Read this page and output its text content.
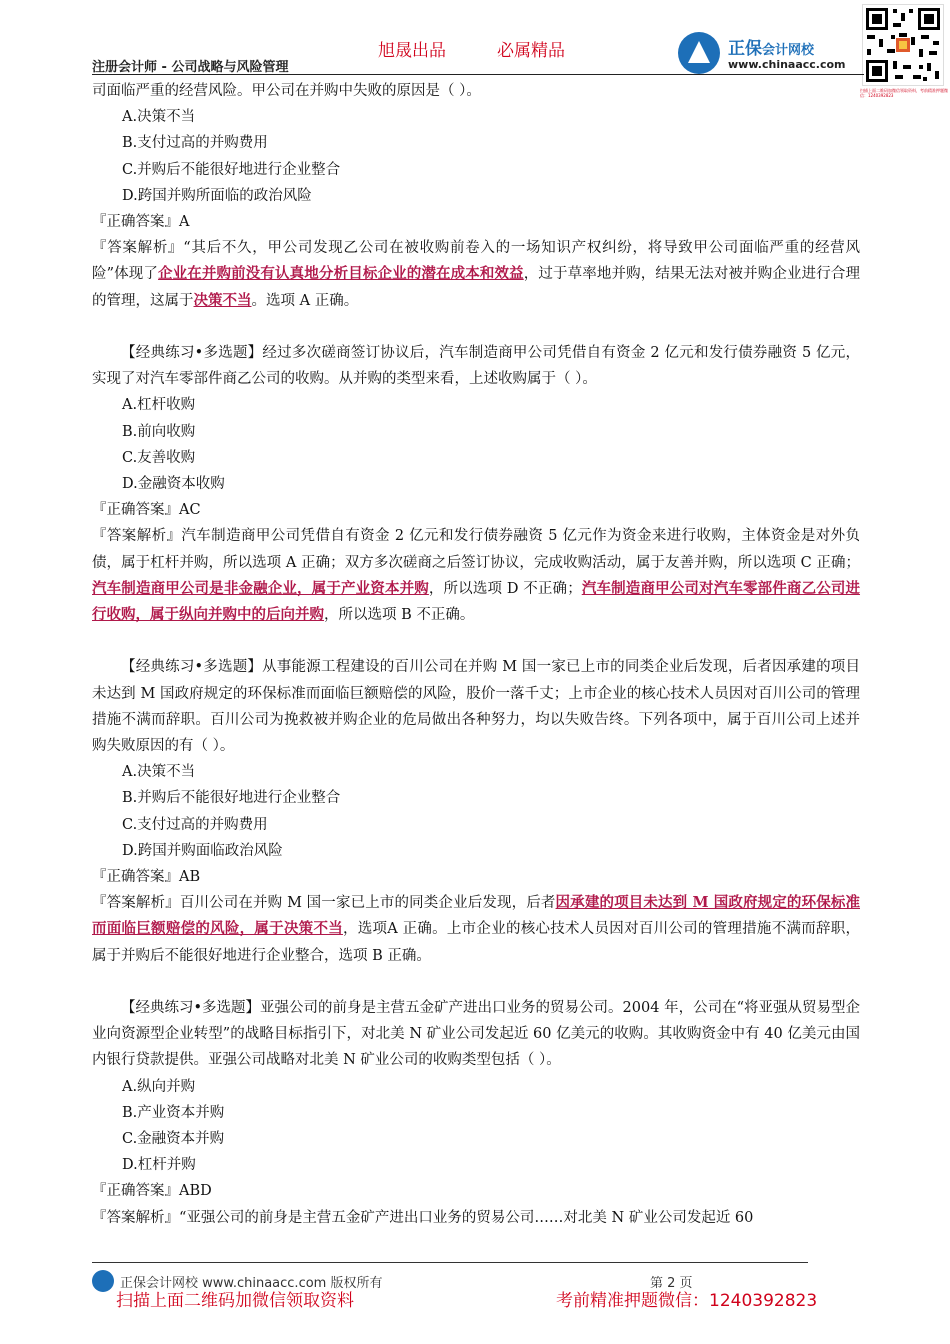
注册会计师 - 公司战略与风险管理
旭晟出品	必属精品	正保会计网校
www.chinaacc.com
扫描上面二维码加微信领取资料，考前精准押题微信：1240392823

司面临严重的经营风险。甲公司在并购中失败的原因是（ ）。

A.决策不当

B.支付过高的并购费用

C.并购后不能很好地进行企业整合

D.跨国并购所面临的政治风险

『正确答案』A

『答案解析』“其后不久，甲公司发现乙公司在被收购前卷入的一场知识产权纠纷，将导致甲公司面临严重的经营风险”体现了企业在并购前没有认真地分析目标企业的潜在成本和效益，过于草率地并购，结果无法对被并购企业进行合理的管理，这属于决策不当。选项 A 正确。

【经典练习•多选题】经过多次磋商签订协议后，汽车制造商甲公司凭借自有资金 2 亿元和发行债券融资 5 亿元，实现了对汽车零部件商乙公司的收购。从并购的类型来看，上述收购属于（ ）。

A.杠杆收购

B.前向收购

C.友善收购

D.金融资本收购

『正确答案』AC

『答案解析』汽车制造商甲公司凭借自有资金 2 亿元和发行债券融资 5 亿元作为资金来进行收购，主体资金是对外负债，属于杠杆并购，所以选项 A 正确；双方多次磋商之后签订协议，完成收购活动，属于友善并购，所以选项 C 正确；汽车制造商甲公司是非金融企业，属于产业资本并购，所以选项 D 不正确；汽车制造商甲公司对汽车零部件商乙公司进行收购，属于纵向并购中的后向并购，所以选项 B 不正确。

【经典练习•多选题】从事能源工程建设的百川公司在并购 M 国一家已上市的同类企业后发现，后者因承建的项目未达到 M 国政府规定的环保标准而面临巨额赔偿的风险，股价一落千丈；上市企业的核心技术人员因对百川公司的管理措施不满而辞职。百川公司为挽救被并购企业的危局做出各种努力，均以失败告终。下列各项中，属于百川公司上述并购失败原因的有（ ）。

A.决策不当

B.并购后不能很好地进行企业整合

C.支付过高的并购费用

D.跨国并购面临政治风险

『正确答案』AB

『答案解析』百川公司在并购 M 国一家已上市的同类企业后发现，后者因承建的项目未达到 M 国政府规定的环保标准而面临巨额赔偿的风险，属于决策不当，选项A 正确。上市企业的核心技术人员因对百川公司的管理措施不满而辞职，属于并购后不能很好地进行企业整合，选项 B 正确。

【经典练习•多选题】亚强公司的前身是主营五金矿产进出口业务的贸易公司。2004 年，公司在“将亚强从贸易型企业向资源型企业转型”的战略目标指引下，对北美 N 矿业公司发起近 60 亿美元的收购。其收购资金中有 40 亿美元由国内银行贷款提供。亚强公司战略对北美 N 矿业公司的收购类型包括（ ）。

A.纵向并购

B.产业资本并购

C.金融资本并购

D.杠杆并购

『正确答案』ABD

『答案解析』“亚强公司的前身是主营五金矿产进出口业务的贸易公司……对北美 N 矿业公司发起近 60

正保会计网校 www.chinaacc.com 版权所有	第 2 页
扫描上面二维码加微信领取资料	考前精准押题微信：1240392823
